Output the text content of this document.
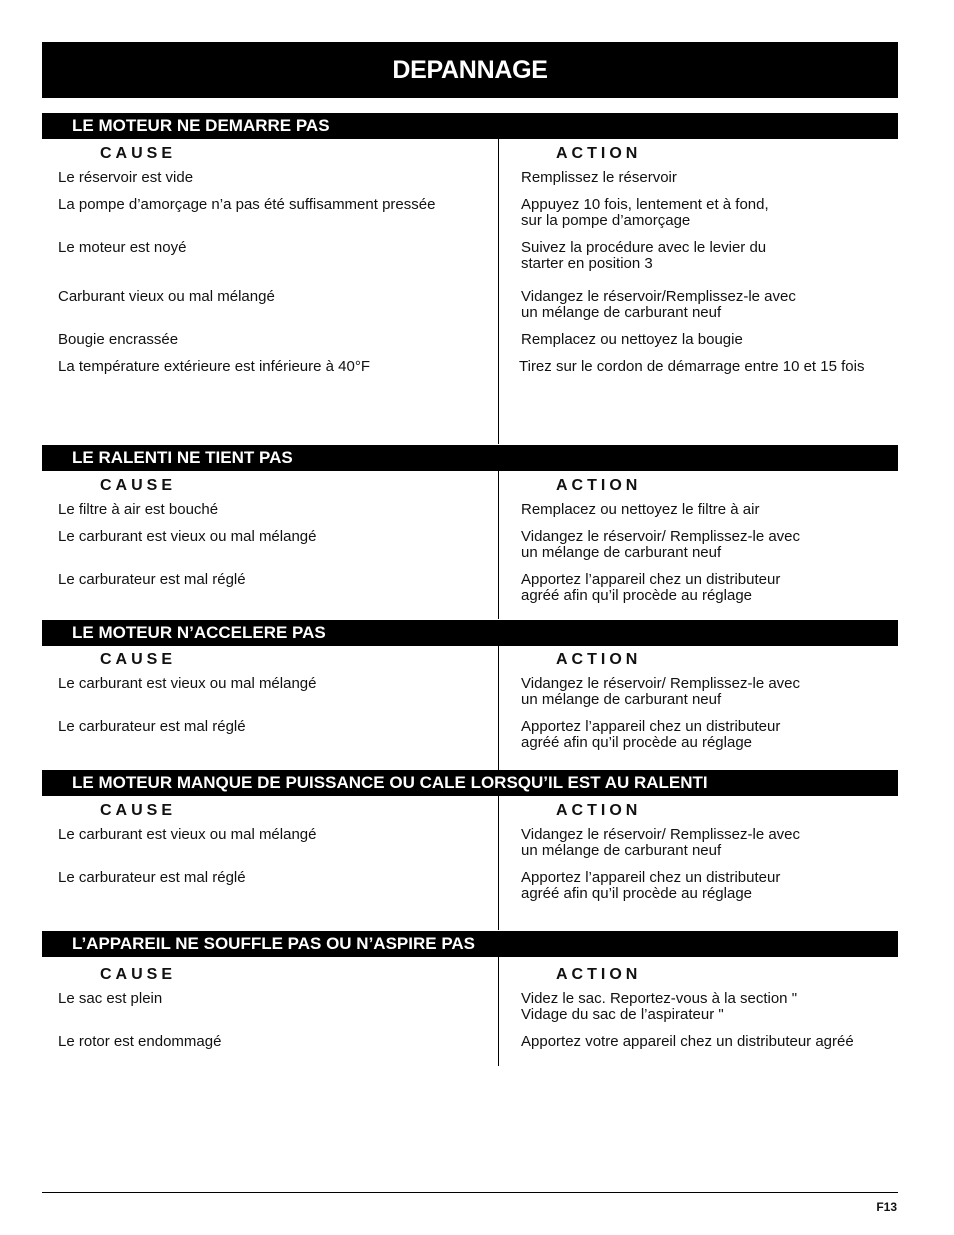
DEPANNAGE
LE MOTEUR NE DEMARRE PAS
CAUSE	ACTION
Le réservoir est vide	Remplissez le réservoir
La pompe d’amorçage n’a pas été suffisamment pressée	Appuyez 10 fois, lentement et à fond,
sur la pompe d’amorçage
Le moteur est noyé	Suivez la procédure avec le levier du
starter en position 3
Carburant vieux ou mal mélangé	Vidangez le réservoir/Remplissez-le avec
un mélange de carburant neuf
Bougie encrassée	Remplacez ou nettoyez la bougie
La température extérieure est inférieure à 40°F	Tirez sur le cordon de démarrage entre 10 et 15 fois
LE RALENTI NE TIENT PAS
CAUSE	ACTION
Le filtre à air est bouché	Remplacez ou nettoyez le filtre à air
Le carburant est vieux ou mal mélangé	Vidangez le réservoir/ Remplissez-le avec
un mélange de carburant neuf
Le carburateur est mal réglé	Apportez l’appareil chez un distributeur
agréé afin qu’il procède au réglage
LE MOTEUR N’ACCELERE PAS
CAUSE	ACTION
Le carburant est vieux ou mal mélangé	Vidangez le réservoir/ Remplissez-le avec
un mélange de carburant neuf
Le carburateur est mal réglé	Apportez l’appareil chez un distributeur
agréé afin qu’il procède au réglage
LE MOTEUR MANQUE DE PUISSANCE OU CALE LORSQU’IL EST AU RALENTI
CAUSE	ACTION
Le carburant est vieux ou mal mélangé	Vidangez le réservoir/ Remplissez-le avec
un mélange de carburant neuf
Le carburateur est mal réglé	Apportez l’appareil chez un distributeur
agréé afin qu’il procède au réglage
L’APPAREIL NE SOUFFLE PAS OU N’ASPIRE PAS
CAUSE	ACTION
Le sac est plein	Videz le sac. Reportez-vous à la section "
Vidage du sac de l’aspirateur "
Le rotor est endommagé	Apportez votre appareil chez un distributeur agréé
F13
